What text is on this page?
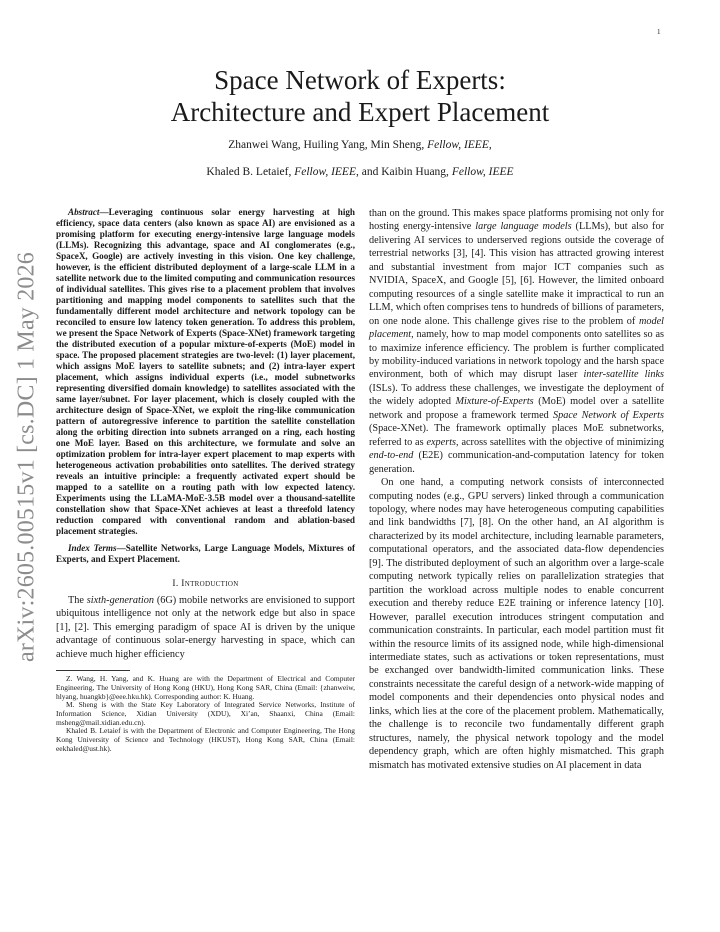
1
arXiv:2605.00515v1 [cs.DC] 1 May 2026
Space Network of Experts:
Architecture and Expert Placement
Zhanwei Wang, Huiling Yang, Min Sheng, Fellow, IEEE,
Khaled B. Letaief, Fellow, IEEE, and Kaibin Huang, Fellow, IEEE

Abstract—Leveraging continuous solar energy harvesting at high efficiency, space data centers (also known as space AI) are envisioned as a promising platform for executing energy-intensive large language models (LLMs). Recognizing this advantage, space and AI conglomerates (e.g., SpaceX, Google) are actively investing in this vision. One key challenge, however, is the efficient distributed deployment of a large-scale LLM in a satellite network due to the limited computing and communication resources of individual satellites. This gives rise to a placement problem that involves partitioning and mapping model components to satellites such that the fundamentally different model architecture and network topology can be reconciled to ensure low latency token generation. To address this problem, we present the Space Network of Experts (Space-XNet) framework targeting the distributed execution of a popular mixture-of-experts (MoE) model in space. The proposed placement strategies are two-level: (1) layer placement, which assigns MoE layers to satellite subnets; and (2) intra-layer expert placement, which assigns individual experts (i.e., model subnetworks representing diversified domain knowledge) to satellites associated with the same layer/subnet. For layer placement, which is closely coupled with the architecture design of Space-XNet, we exploit the ring-like communication pattern of autoregressive inference to partition the satellite constellation along the orbiting direction into subnets arranged on a ring, each hosting one MoE layer. Based on this architecture, we formulate and solve an optimization problem for intra-layer expert placement to map experts with heterogeneous activation probabilities onto satellites. The derived strategy reveals an intuitive principle: a frequently activated expert should be mapped to a satellite on a routing path with low expected latency. Experiments using the LLaMA-MoE-3.5B model over a thousand-satellite constellation show that Space-XNet achieves at least a threefold latency reduction compared with conventional random and ablation-based placement strategies.

Index Terms—Satellite Networks, Large Language Models, Mixtures of Experts, and Expert Placement.

I. Introduction

The sixth-generation (6G) mobile networks are envisioned to support ubiquitous intelligence not only at the network edge but also in space [1], [2]. This emerging paradigm of space AI is driven by the unique advantage of continuous solar-energy harvesting in space, which can achieve much higher efficiency

Z. Wang, H. Yang, and K. Huang are with the Department of Electrical and Computer Engineering, The University of Hong Kong (HKU), Hong Kong SAR, China (Email: {zhanweiw, hlyang, huangkb}@eee.hku.hk). Corresponding author: K. Huang.

M. Sheng is with the State Key Laboratory of Integrated Service Networks, Institute of Information Science, Xidian University (XDU), Xi’an, Shaanxi, China (Email: msheng@mail.xidian.edu.cn).

Khaled B. Letaief is with the Department of Electronic and Computer Engineering, The Hong Kong University of Science and Technology (HKUST), Hong Kong SAR, China (Email: eekhaled@ust.hk).

than on the ground. This makes space platforms promising not only for hosting energy-intensive large language models (LLMs), but also for delivering AI services to underserved regions outside the coverage of terrestrial networks [3], [4]. This vision has attracted growing interest and substantial investment from major ICT companies such as NVIDIA, SpaceX, and Google [5], [6]. However, the limited onboard computing resources of a single satellite make it impractical to run an LLM, which often comprises tens to hundreds of billions of parameters, on one node alone. This challenge gives rise to the problem of model placement, namely, how to map model components onto satellites so as to maximize inference efficiency. The problem is further complicated by mobility-induced variations in network topology and the harsh space environment, both of which may disrupt laser inter-satellite links (ISLs). To address these challenges, we investigate the deployment of the widely adopted Mixture-of-Experts (MoE) model over a satellite network and propose a framework termed Space Network of Experts (Space-XNet). The framework optimally places MoE subnetworks, referred to as experts, across satellites with the objective of minimizing end-to-end (E2E) communication-and-computation latency for token generation.

On one hand, a computing network consists of interconnected computing nodes (e.g., GPU servers) linked through a communication topology, where nodes may have heterogeneous computing capabilities and link bandwidths [7], [8]. On the other hand, an AI algorithm is characterized by its model architecture, including learnable parameters, computational operators, and the associated data-flow dependencies [9]. The distributed deployment of such an algorithm over a large-scale computing network typically relies on parallelization strategies that partition the workload across multiple nodes to enable concurrent execution and thereby reduce E2E training or inference latency [10]. However, parallel execution introduces stringent computation and communication constraints. In particular, each model partition must fit within the resource limits of its assigned node, while high-dimensional intermediate states, such as activations or token representations, must be exchanged over bandwidth-limited communication links. These constraints necessitate the careful design of a network-wide mapping of model components and their dependencies onto physical nodes and links, which lies at the core of the placement problem. Mathematically, the challenge is to reconcile two fundamentally different graph structures, namely, the physical network topology and the model dependency graph, which are often highly mismatched. This graph mismatch has motivated extensive studies on AI placement in data
